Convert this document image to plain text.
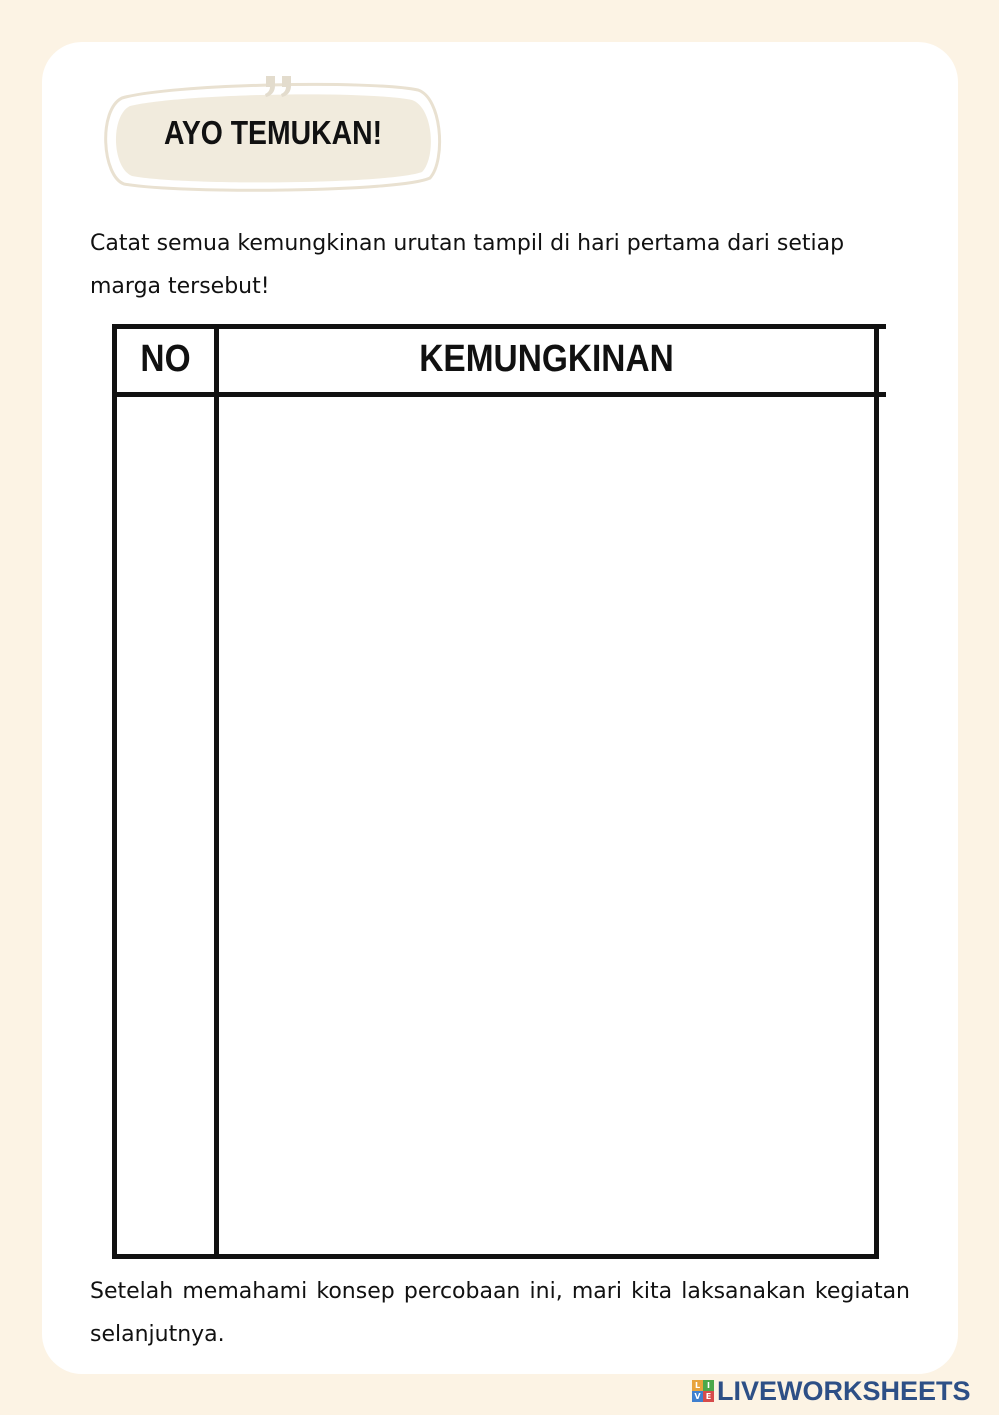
AYO TEMUKAN!
Catat semua kemungkinan urutan tampil di hari pertama dari setiap marga tersebut!
NO	KEMUNGKINAN
Setelah memahami konsep percobaan ini, mari kita laksanakan kegiatan selanjutnya.
L I
V E LIVEWORKSHEETS
